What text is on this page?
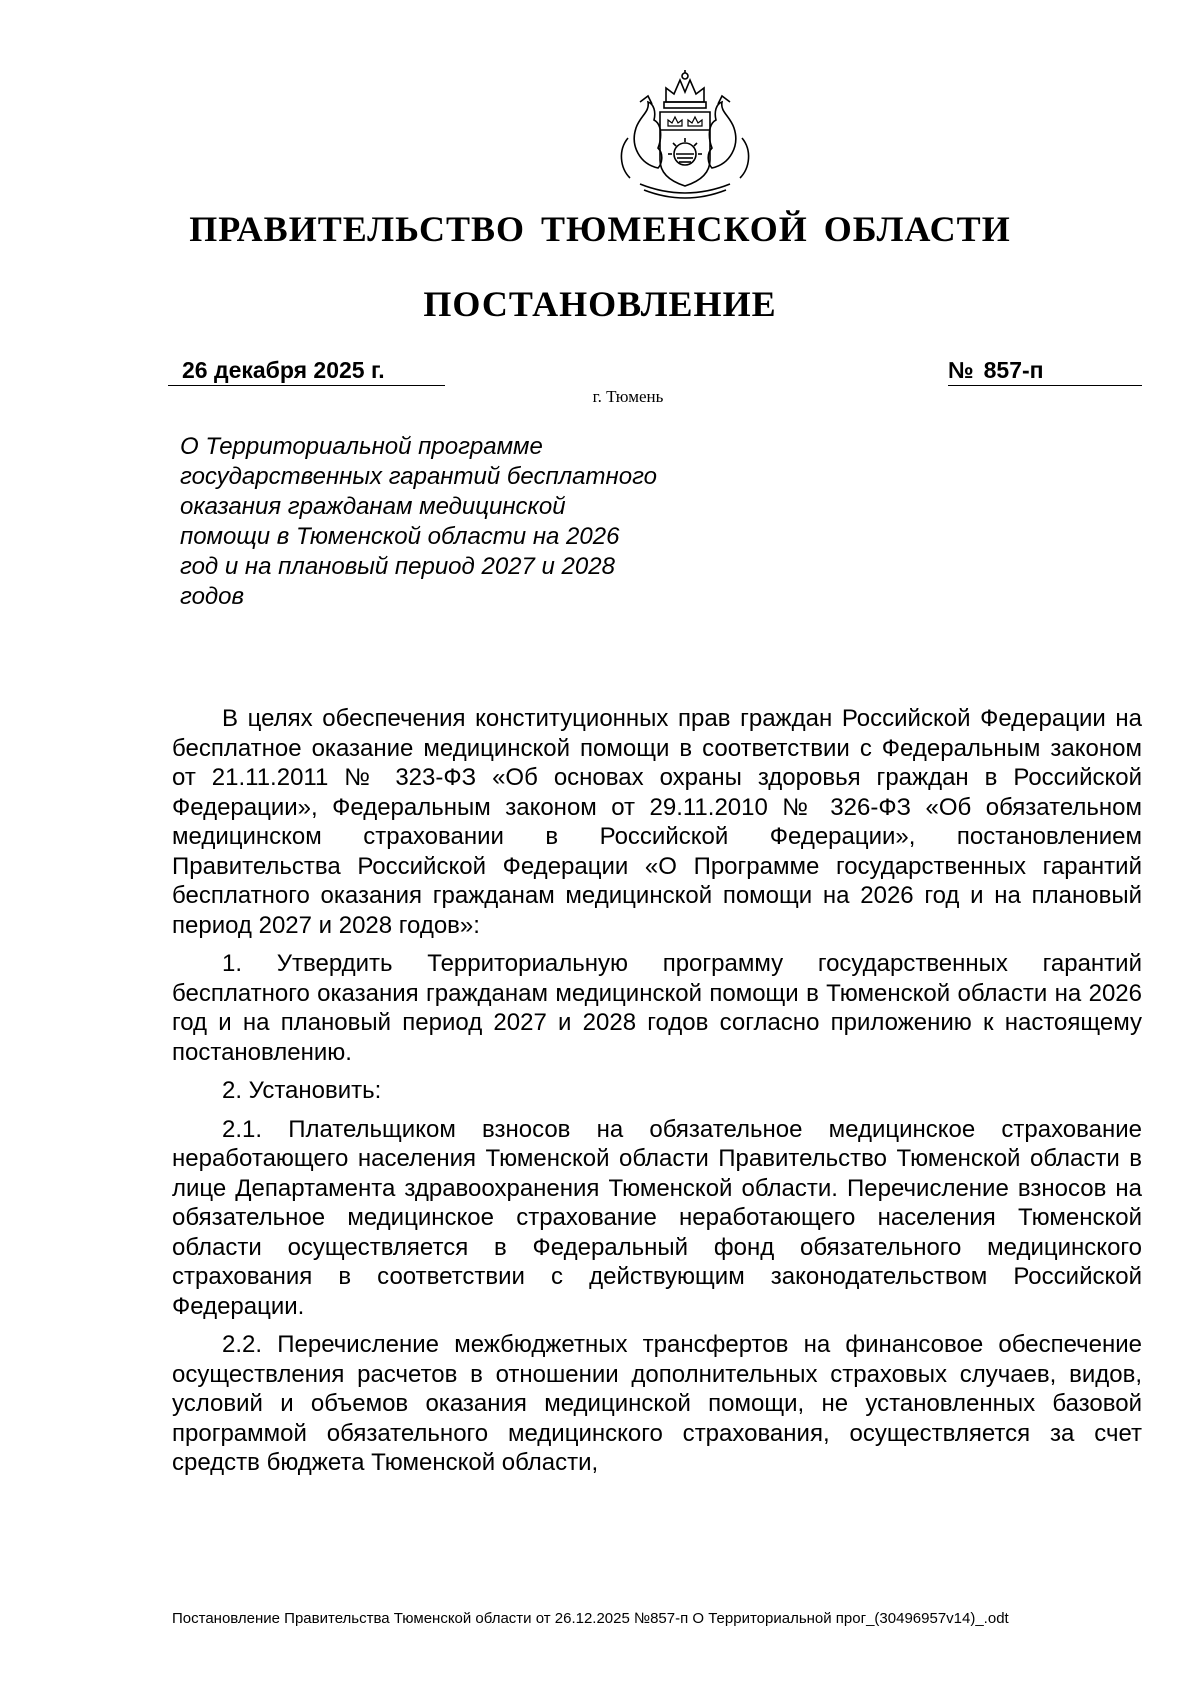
ПРАВИТЕЛЬСТВО ТЮМЕНСКОЙ ОБЛАСТИ
ПОСТАНОВЛЕНИЕ
26 декабря 2025 г.	№ 857-п
г. Тюмень
О Территориальной программе государственных гарантий бесплатного оказания гражданам медицинской помощи в Тюменской области на 2026 год и на плановый период 2027 и 2028 годов

В целях обеспечения конституционных прав граждан Российской Федерации на бесплатное оказание медицинской помощи в соответствии с Федеральным законом от 21.11.2011 № 323-ФЗ «Об основах охраны здоровья граждан в Российской Федерации», Федеральным законом от 29.11.2010 № 326-ФЗ «Об обязательном медицинском страховании в Российской Федерации», постановлением Правительства Российской Федерации «О Программе государственных гарантий бесплатного оказания гражданам медицинской помощи на 2026 год и на плановый период 2027 и 2028 годов»:

1. Утвердить Территориальную программу государственных гарантий бесплатного оказания гражданам медицинской помощи в Тюменской области на 2026 год и на плановый период 2027 и 2028 годов согласно приложению к настоящему постановлению.

2. Установить:

2.1. Плательщиком взносов на обязательное медицинское страхование неработающего населения Тюменской области Правительство Тюменской области в лице Департамента здравоохранения Тюменской области. Перечисление взносов на обязательное медицинское страхование неработающего населения Тюменской области осуществляется в Федеральный фонд обязательного медицинского страхования в соответствии с действующим законодательством Российской Федерации.

2.2. Перечисление межбюджетных трансфертов на финансовое обеспечение осуществления расчетов в отношении дополнительных страховых случаев, видов, условий и объемов оказания медицинской помощи, не установленных базовой программой обязательного медицинского страхования, осуществляется за счет средств бюджета Тюменской области,

Постановление Правительства Тюменской области от 26.12.2025 №857-п О Территориальной прог_(30496957v14)_.odt
